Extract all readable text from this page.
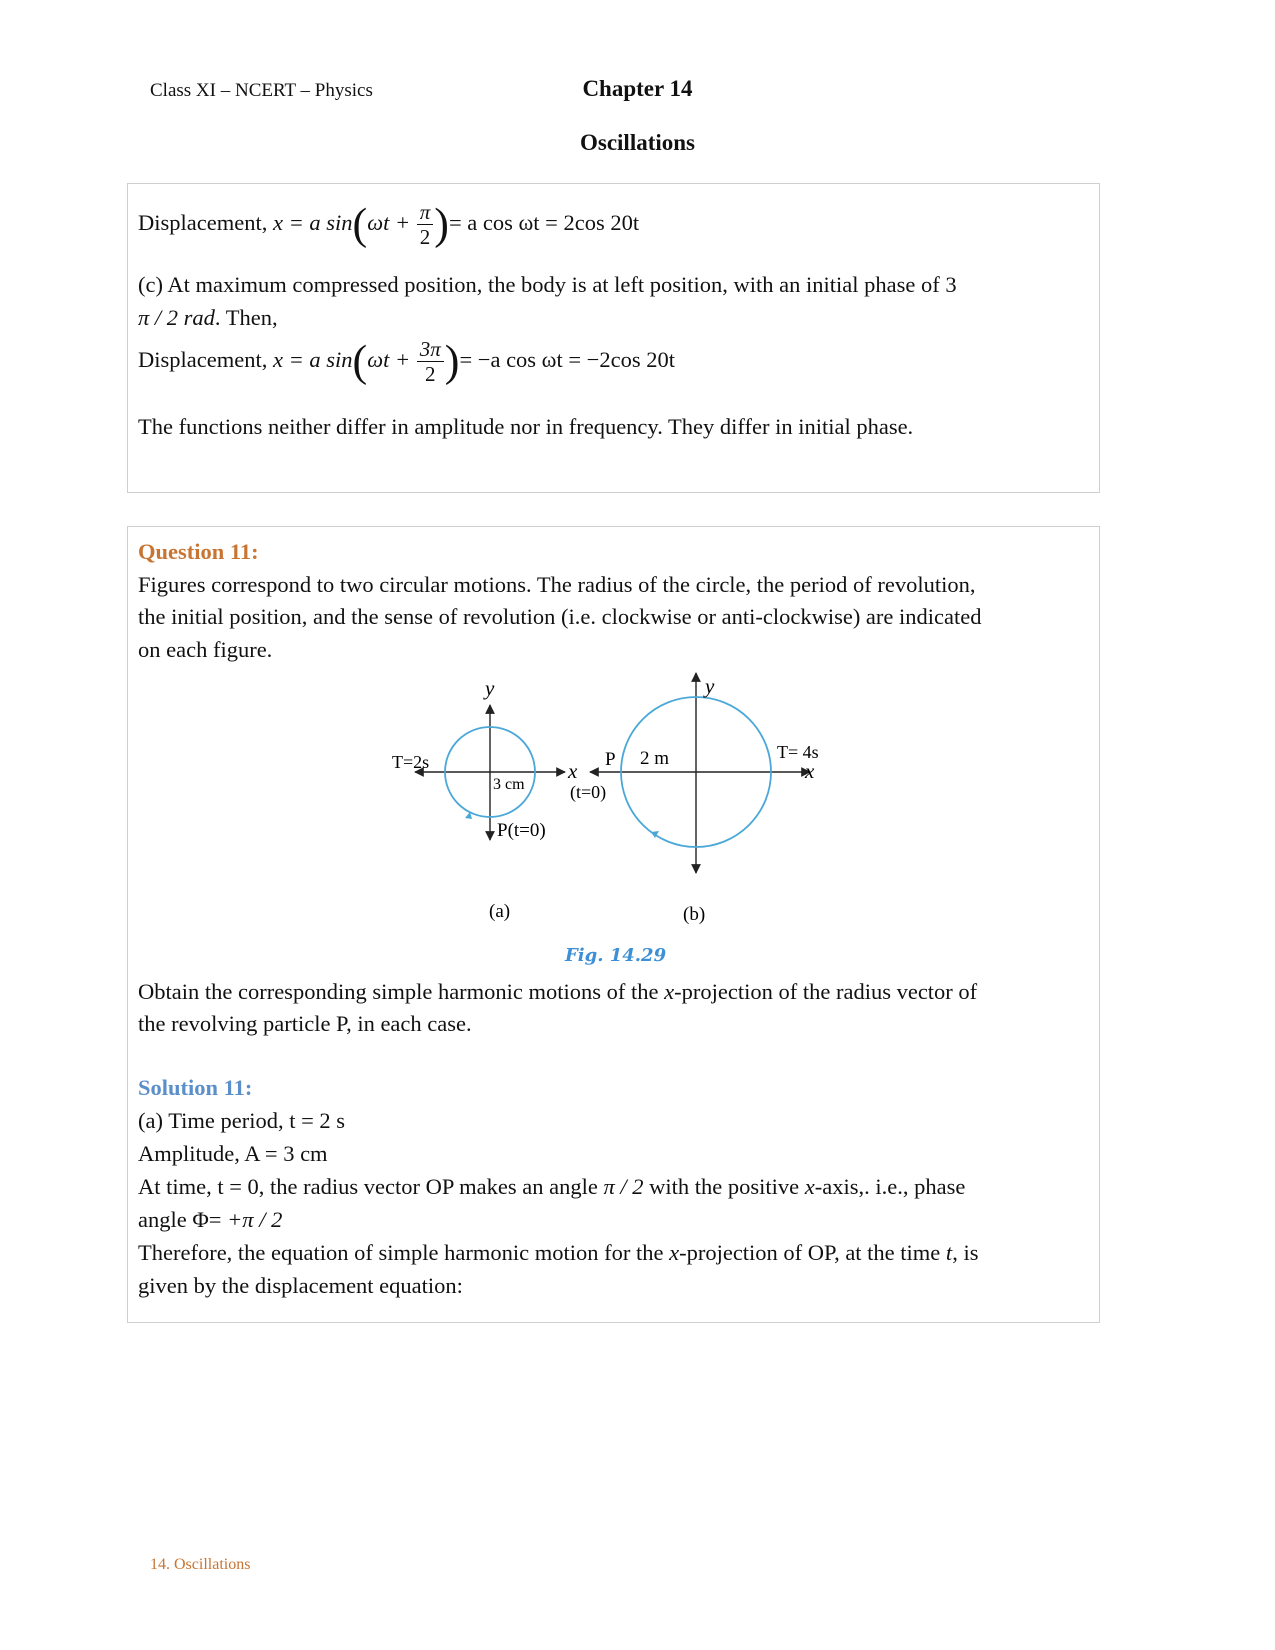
Class XI – NCERT – Physics	Chapter 14
Oscillations
Displacement, x = a $\sin(\omega t + \frac{\pi}{2}$ )= a cos ωt = 2cos 20t
(c) At maximum compressed position, the body is at left position, with an initial phase of 3
π / 2 rad. Then,
Displacement, x = a $\sin(\omega t + \frac{3\pi}{2}$ )= −a cos ωt = −2cos 20t
The functions neither differ in amplitude nor in frequency. They differ in initial phase.
Question 11:
Figures correspond to two circular motions. The radius of the circle, the period of revolution,
the initial position, and the sense of revolution (i.e. clockwise or anti-clockwise) are indicated
on each figure.
y
T=2s
3 cm
x
P(t=0)
(a)
y
P 2 m
(t=0)
T= 4s
x
(b)
Fig. 14.29
Obtain the corresponding simple harmonic motions of the x-projection of the radius vector of
the revolving particle P, in each case.
Solution 11:
(a) Time period, t = 2 s
Amplitude, A = 3 cm
At time, t = 0, the radius vector OP makes an angle π / 2 with the positive x-axis,. i.e., phase
angle Φ= +π / 2
Therefore, the equation of simple harmonic motion for the x-projection of OP, at the time t, is
given by the displacement equation:
14. Oscillations
